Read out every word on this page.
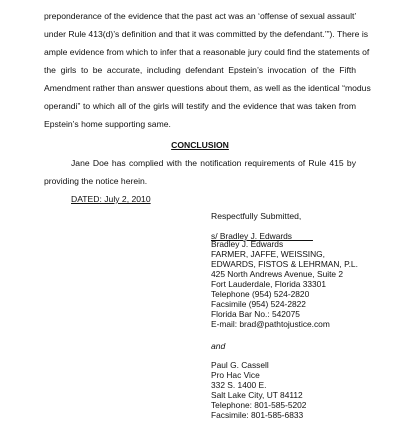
preponderance of the evidence that the past act was an ‘offense of sexual assault’
under Rule 413(d)’s definition and that it was committed by the defendant.’”). There is
ample evidence from which to infer that a reasonable jury could find the statements of
the girls to be accurate, including defendant Epstein’s invocation of the Fifth
Amendment rather than answer questions about them, as well as the identical “modus
operandi” to which all of the girls will testify and the evidence that was taken from
Epstein’s home supporting same.
CONCLUSION
Jane Doe has complied with the notification requirements of Rule 415 by
providing the notice herein.
DATED: July 2, 2010
Respectfully Submitted,
s/ Bradley J. Edwards
Bradley J. Edwards
FARMER, JAFFE, WEISSING,
EDWARDS, FISTOS & LEHRMAN, P.L.
425 North Andrews Avenue, Suite 2
Fort Lauderdale, Florida 33301
Telephone (954) 524-2820
Facsimile (954) 524-2822
Florida Bar No.: 542075
E-mail: brad@pathtojustice.com
and
Paul G. Cassell
Pro Hac Vice
332 S. 1400 E.
Salt Lake City, UT 84112
Telephone: 801-585-5202
Facsimile: 801-585-6833
